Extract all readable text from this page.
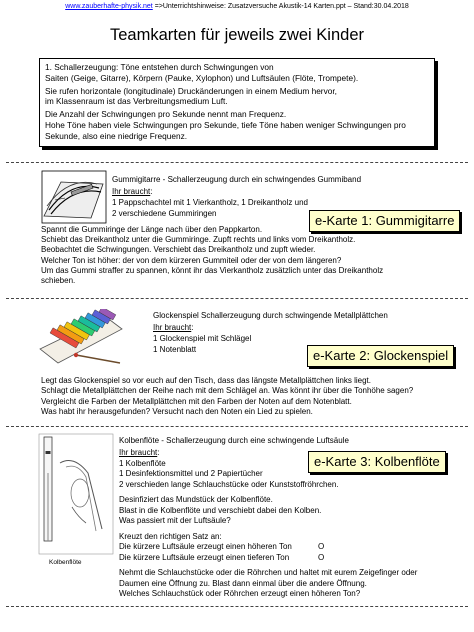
www.zauberhafte-physik.net =>Unterrichtshinweise: Zusatzversuche Akustik-14 Karten.ppt – Stand:30.04.2018
Teamkarten für jeweils zwei Kinder

1. Schallerzeugung: Töne entstehen durch Schwingungen von
Saiten (Geige, Gitarre), Körpern (Pauke, Xylophon) und Luftsäulen (Flöte, Trompete).

Sie rufen horizontale (longitudinale) Druckänderungen in einem Medium hervor,
im Klassenraum ist das Verbreitungsmedium Luft.

Die Anzahl der Schwingungen pro Sekunde nennt man Frequenz.
Hohe Töne haben viele Schwingungen pro Sekunde, tiefe Töne haben weniger Schwingungen pro
Sekunde, also eine niedrige Frequenz.

Gummigitarre - Schallerzeugung durch ein schwingendes Gummiband
Ihr braucht:
1 Pappschachtel mit 1 Vierkantholz, 1 Dreikantholz und
2 verschiedene Gummiringen	e-Karte 1: Gummigitarre
Spannt die Gummiringe der Länge nach über den Pappkarton.
Schiebt das Dreikantholz unter die Gummiringe. Zupft rechts und links vom Dreikantholz.
Beobachtet die Schwingungen. Verschiebt das Dreikantholz und zupft wieder.
Welcher Ton ist höher: der von dem kürzeren Gummiteil oder der von dem längeren?
Um das Gummi straffer zu spannen, könnt ihr das Vierkantholz zusätzlich unter das Dreikantholz
schieben.
Glockenspiel Schallerzeugung durch schwingende Metallplättchen
Ihr braucht:
1 Glockenspiel mit Schlägel
1 Notenblatt	e-Karte 2: Glockenspiel
Legt das Glockenspiel so vor euch auf den Tisch, dass das längste Metallplättchen links liegt.
Schlagt die Metallplättchen der Reihe nach mit dem Schlägel an. Was könnt ihr über die Tonhöhe sagen?
Vergleicht die Farben der Metallplättchen mit den Farben der Noten auf dem Notenblatt.
Was habt ihr herausgefunden? Versucht nach den Noten ein Lied zu spielen.
Kolbenflöte
Kolbenflöte - Schallerzeugung durch eine schwingende Luftsäule
Ihr braucht:
1 Kolbenflöte
1 Desinfektionsmittel und 2 Papiertücher
2 verschieden lange Schlauchstücke oder Kunststoffröhrchen.
e-Karte 3: Kolbenflöte
Desinfiziert das Mundstück der Kolbenflöte.
Blast in die Kolbenflöte und verschiebt dabei den Kolben.
Was passiert mit der Luftsäule?
Kreuzt den richtigen Satz an:
Die kürzere Luftsäule erzeugt einen höheren Ton	O
Die kürzere Luftsäule erzeugt einen tieferen Ton	O
Nehmt die Schlauchstücke oder die Röhrchen und haltet mit eurem Zeigefinger oder
Daumen eine Öffnung zu. Blast dann einmal über die andere Öffnung.
Welches Schlauchstück oder Röhrchen erzeugt einen höheren Ton?
